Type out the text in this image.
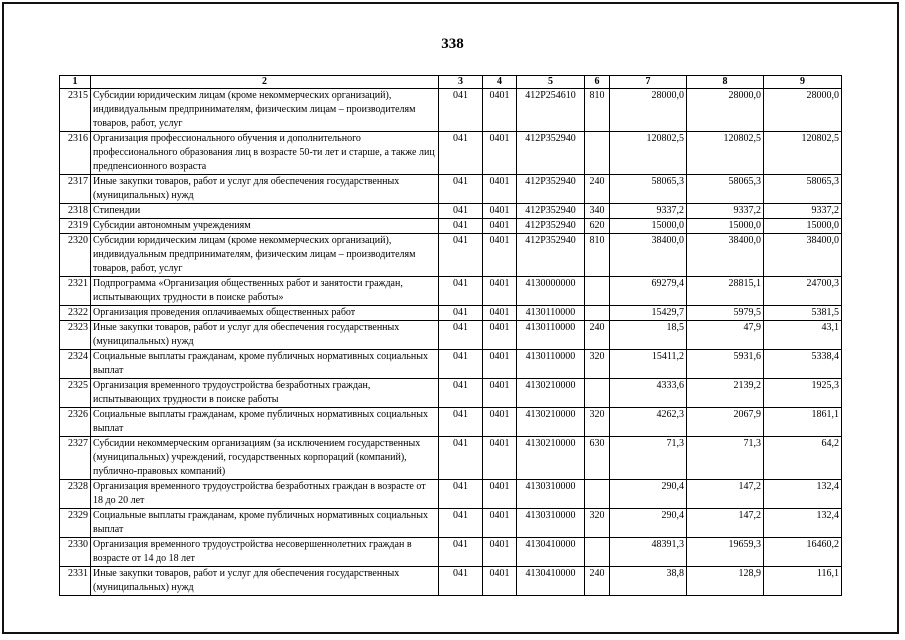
338
1	2	3	4	5	6	7	8	9
2315	Субсидии юридическим лицам (кроме некоммерческих организаций), индивидуальным предпринимателям, физическим лицам – производителям товаров, работ, услуг	041	0401	412P254610	810	28000,0	28000,0	28000,0
2316	Организация профессионального обучения и дополнительного профессионального образования лиц в возрасте 50-ти лет и старше, а также лиц предпенсионного возраста	041	0401	412P352940		120802,5	120802,5	120802,5
2317	Иные закупки товаров, работ и услуг для обеспечения государственных (муниципальных) нужд	041	0401	412P352940	240	58065,3	58065,3	58065,3
2318	Стипендии	041	0401	412P352940	340	9337,2	9337,2	9337,2
2319	Субсидии автономным учреждениям	041	0401	412P352940	620	15000,0	15000,0	15000,0
2320	Субсидии юридическим лицам (кроме некоммерческих организаций), индивидуальным предпринимателям, физическим лицам – производителям товаров, работ, услуг	041	0401	412P352940	810	38400,0	38400,0	38400,0
2321	Подпрограмма «Организация общественных работ и занятости граждан, испытывающих трудности в поиске работы»	041	0401	4130000000		69279,4	28815,1	24700,3
2322	Организация проведения оплачиваемых общественных работ	041	0401	4130110000		15429,7	5979,5	5381,5
2323	Иные закупки товаров, работ и услуг для обеспечения государственных (муниципальных) нужд	041	0401	4130110000	240	18,5	47,9	43,1
2324	Социальные выплаты гражданам, кроме публичных нормативных социальных выплат	041	0401	4130110000	320	15411,2	5931,6	5338,4
2325	Организация временного трудоустройства безработных граждан, испытывающих трудности в поиске работы	041	0401	4130210000		4333,6	2139,2	1925,3
2326	Социальные выплаты гражданам, кроме публичных нормативных социальных выплат	041	0401	4130210000	320	4262,3	2067,9	1861,1
2327	Субсидии некоммерческим организациям (за исключением государственных (муниципальных) учреждений, государственных корпораций (компаний), публично-правовых компаний)	041	0401	4130210000	630	71,3	71,3	64,2
2328	Организация временного трудоустройства безработных граждан в возрасте от 18 до 20 лет	041	0401	4130310000		290,4	147,2	132,4
2329	Социальные выплаты гражданам, кроме публичных нормативных социальных выплат	041	0401	4130310000	320	290,4	147,2	132,4
2330	Организация временного трудоустройства несовершеннолетних граждан в возрасте от 14 до 18 лет	041	0401	4130410000		48391,3	19659,3	16460,2
2331	Иные закупки товаров, работ и услуг для обеспечения государственных (муниципальных) нужд	041	0401	4130410000	240	38,8	128,9	116,1
